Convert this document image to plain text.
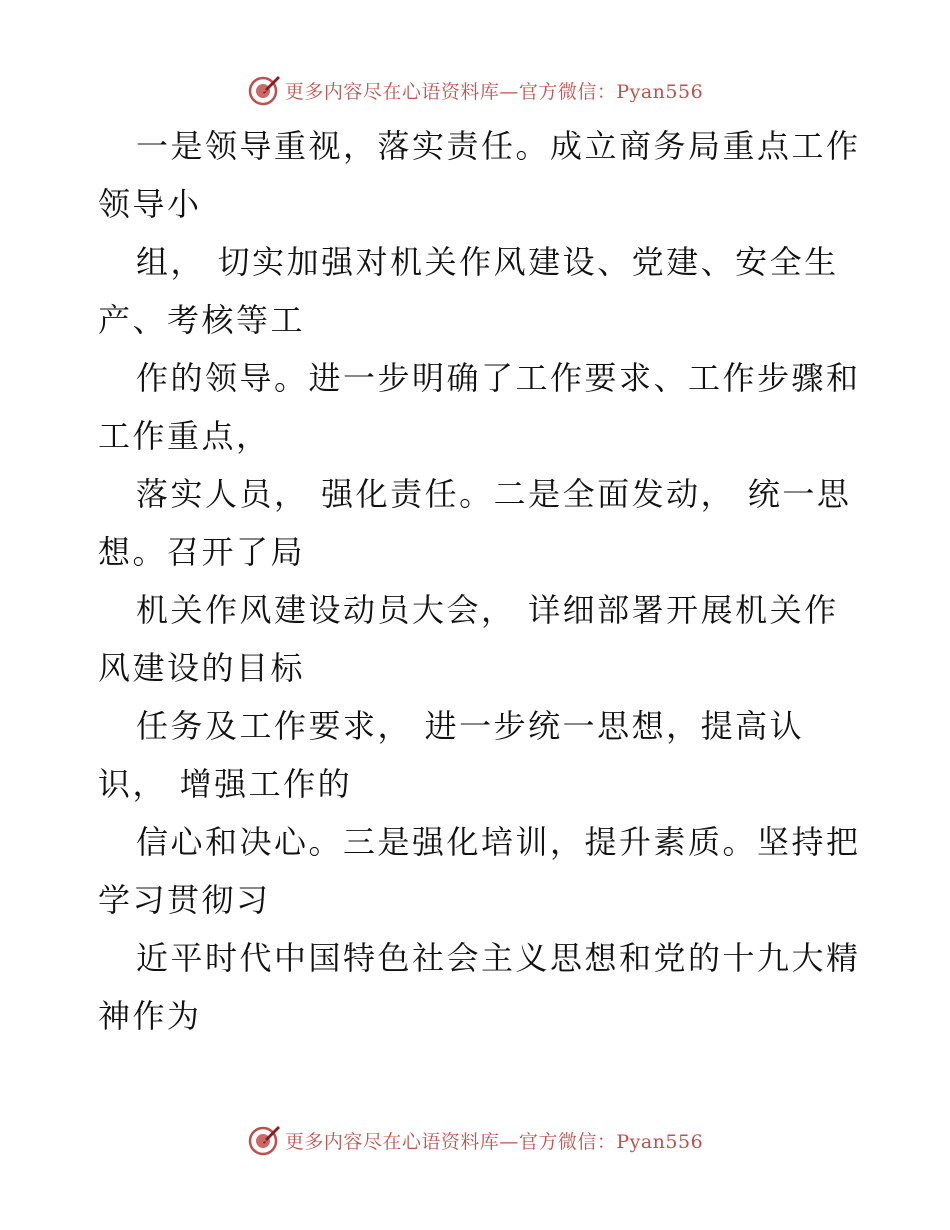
更多内容尽在心语资料库—官方微信：Pyan556

一是领导重视，落实责任。成立商务局重点工作
领导小
组， 切实加强对机关作风建设、党建、安全生
产、考核等工
作的领导。进一步明确了工作要求、工作步骤和
工作重点，
落实人员， 强化责任。二是全面发动， 统一思
想。召开了局
机关作风建设动员大会， 详细部署开展机关作
风建设的目标
任务及工作要求， 进一步统一思想，提高认
识， 增强工作的
信心和决心。三是强化培训，提升素质。坚持把
学习贯彻习
近平时代中国特色社会主义思想和党的十九大精
神作为

更多内容尽在心语资料库—官方微信：Pyan556
